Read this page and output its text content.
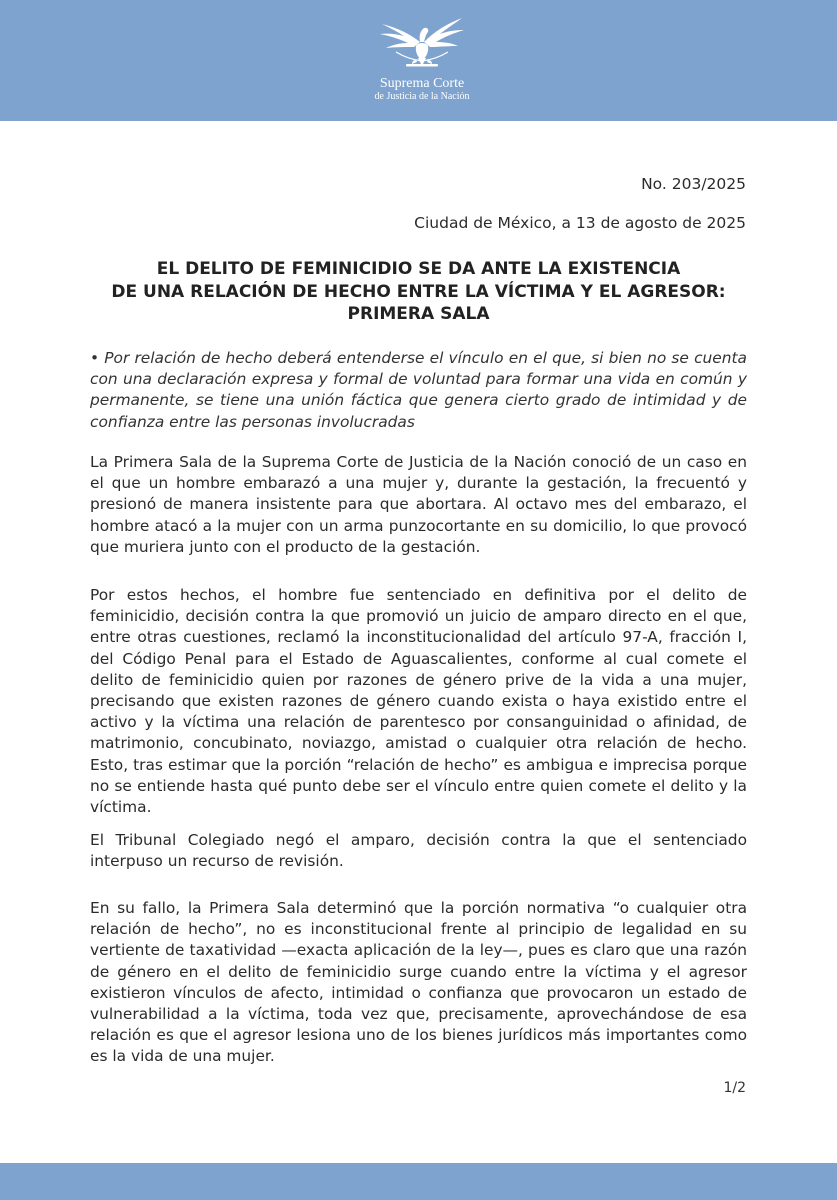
Suprema Corte
de Justicia de la Nación
No. 203/2025
Ciudad de México, a 13 de agosto de 2025
EL DELITO DE FEMINICIDIO SE DA ANTE LA EXISTENCIA
DE UNA RELACIÓN DE HECHO ENTRE LA VÍCTIMA Y EL AGRESOR:
PRIMERA SALA
• Por relación de hecho deberá entenderse el vínculo en el que, si bien no se cuenta con una declaración expresa y formal de voluntad para formar una vida en común y permanente, se tiene una unión fáctica que genera cierto grado de intimidad y de confianza entre las personas involucradas
La Primera Sala de la Suprema Corte de Justicia de la Nación conoció de un caso en el que un hombre embarazó a una mujer y, durante la gestación, la frecuentó y presionó de manera insistente para que abortara. Al octavo mes del embarazo, el hombre atacó a la mujer con un arma punzocortante en su domicilio, lo que provocó que muriera junto con el producto de la gestación.
Por estos hechos, el hombre fue sentenciado en definitiva por el delito de feminicidio, decisión contra la que promovió un juicio de amparo directo en el que, entre otras cuestiones, reclamó la inconstitucionalidad del artículo 97-A, fracción I, del Código Penal para el Estado de Aguascalientes, conforme al cual comete el delito de feminicidio quien por razones de género prive de la vida a una mujer, precisando que existen razones de género cuando exista o haya existido entre el activo y la víctima una relación de parentesco por consanguinidad o afinidad, de matrimonio, concubinato, noviazgo, amistad o cualquier otra relación de hecho. Esto, tras estimar que la porción “relación de hecho” es ambigua e imprecisa porque no se entiende hasta qué punto debe ser el vínculo entre quien comete el delito y la víctima.
El Tribunal Colegiado negó el amparo, decisión contra la que el sentenciado interpuso un recurso de revisión.
En su fallo, la Primera Sala determinó que la porción normativa “o cualquier otra relación de hecho”, no es inconstitucional frente al principio de legalidad en su vertiente de taxatividad —exacta aplicación de la ley—, pues es claro que una razón de género en el delito de feminicidio surge cuando entre la víctima y el agresor existieron vínculos de afecto, intimidad o confianza que provocaron un estado de vulnerabilidad a la víctima, toda vez que, precisamente, aprovechándose de esa relación es que el agresor lesiona uno de los bienes jurídicos más importantes como es la vida de una mujer.
1/2
